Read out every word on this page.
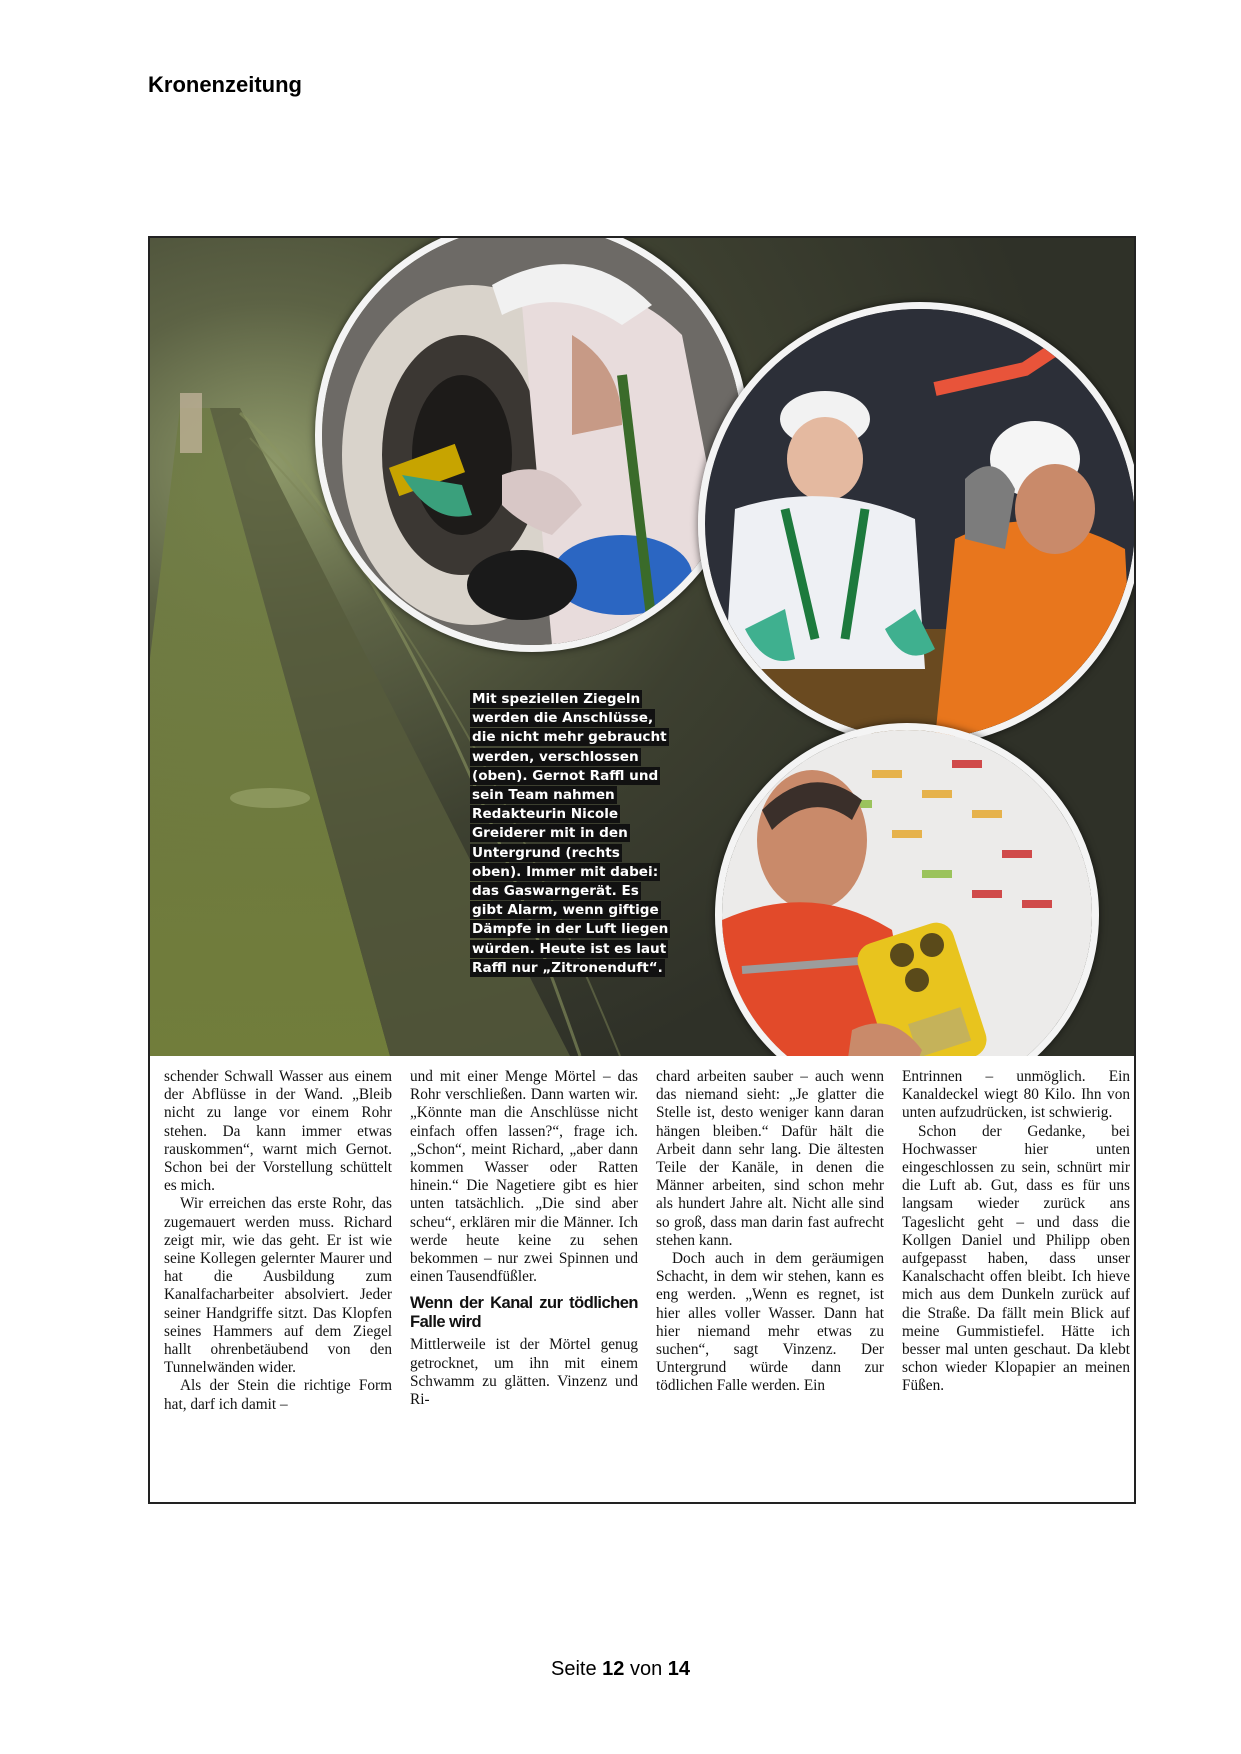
Kronenzeitung
Mit speziellen Ziegeln werden die Anschlüsse, die nicht mehr gebraucht werden, verschlossen (oben). Gernot Raffl und sein Team nahmen Redakteurin Nicole Greiderer mit in den Untergrund (rechts oben). Immer mit dabei: das Gaswarngerät. Es gibt Alarm, wenn giftige Dämpfe in der Luft liegen würden. Heute ist es laut Raffl nur „Zitronenduft“.

schender Schwall Wasser aus einem der Abflüsse in der Wand. „Bleib nicht zu lange vor einem Rohr stehen. Da kann immer etwas rauskommen“, warnt mich Gernot. Schon bei der Vorstellung schüttelt es mich.

Wir erreichen das erste Rohr, das zugemauert werden muss. Richard zeigt mir, wie das geht. Er ist wie seine Kollegen gelernter Maurer und hat die Ausbildung zum Kanalfacharbeiter absolviert. Jeder seiner Handgriffe sitzt. Das Klopfen seines Hammers auf dem Ziegel hallt ohrenbetäubend von den Tunnelwänden wider.

Als der Stein die richtige Form hat, darf ich damit –

und mit einer Menge Mörtel – das Rohr verschließen. Dann warten wir. „Könnte man die Anschlüsse nicht einfach offen lassen?“, frage ich. „Schon“, meint Richard, „aber dann kommen Wasser oder Ratten hinein.“ Die Nagetiere gibt es hier unten tatsächlich. „Die sind aber scheu“, erklären mir die Männer. Ich werde heute keine zu sehen bekommen – nur zwei Spinnen und einen Tausendfüßler.

Wenn der Kanal zur tödlichen Falle wird

Mittlerweile ist der Mörtel genug getrocknet, um ihn mit einem Schwamm zu glätten. Vinzenz und Ri-

chard arbeiten sauber – auch wenn das niemand sieht: „Je glatter die Stelle ist, desto weniger kann daran hängen bleiben.“ Dafür hält die Arbeit dann sehr lang. Die ältesten Teile der Kanäle, in denen die Männer arbeiten, sind schon mehr als hundert Jahre alt. Nicht alle sind so groß, dass man darin fast aufrecht stehen kann.

Doch auch in dem geräumigen Schacht, in dem wir stehen, kann es eng werden. „Wenn es regnet, ist hier alles voller Wasser. Dann hat hier niemand mehr etwas zu suchen“, sagt Vinzenz. Der Untergrund würde dann zur tödlichen Falle werden. Ein

Entrinnen – unmöglich. Ein Kanaldeckel wiegt 80 Kilo. Ihn von unten aufzudrücken, ist schwierig.

Schon der Gedanke, bei Hochwasser hier unten eingeschlossen zu sein, schnürt mir die Luft ab. Gut, dass es für uns langsam wieder zurück ans Tageslicht geht – und dass die Kollgen Daniel und Philipp oben aufgepasst haben, dass unser Kanalschacht offen bleibt. Ich hieve mich aus dem Dunkeln zurück auf die Straße. Da fällt mein Blick auf meine Gummistiefel. Hätte ich besser mal unten geschaut. Da klebt schon wieder Klopapier an meinen Füßen.

Seite 12 von 14
